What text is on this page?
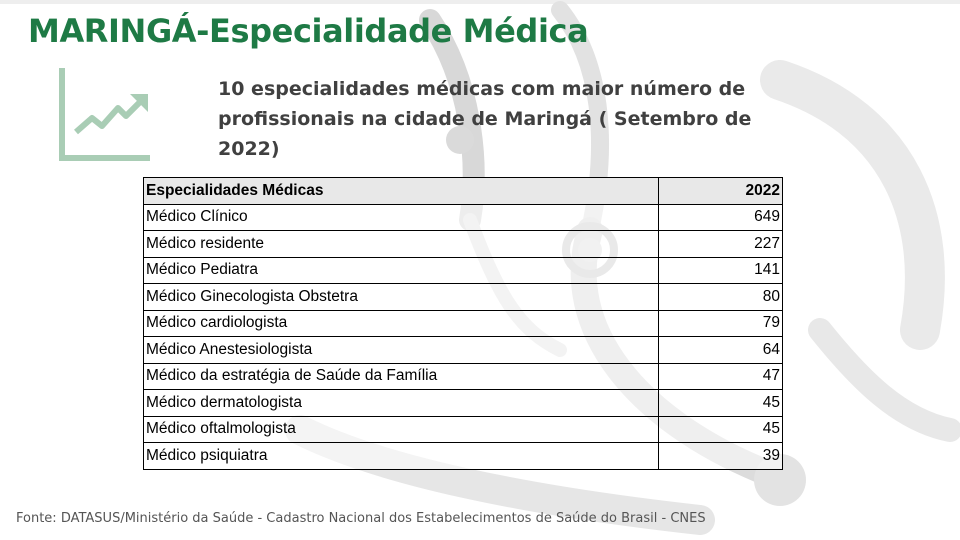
MARINGÁ-Especialidade Médica
10 especialidades médicas com maior número de profissionais na cidade de Maringá ( Setembro de 2022)
Especialidades Médicas	2022
Médico Clínico	649
Médico residente	227
Médico Pediatra	141
Médico Ginecologista Obstetra	80
Médico cardiologista	79
Médico Anestesiologista	64
Médico da estratégia de Saúde da Família	47
Médico dermatologista	45
Médico oftalmologista	45
Médico psiquiatra	39
Fonte: DATASUS/Ministério da Saúde - Cadastro Nacional dos Estabelecimentos de Saúde do Brasil - CNES
